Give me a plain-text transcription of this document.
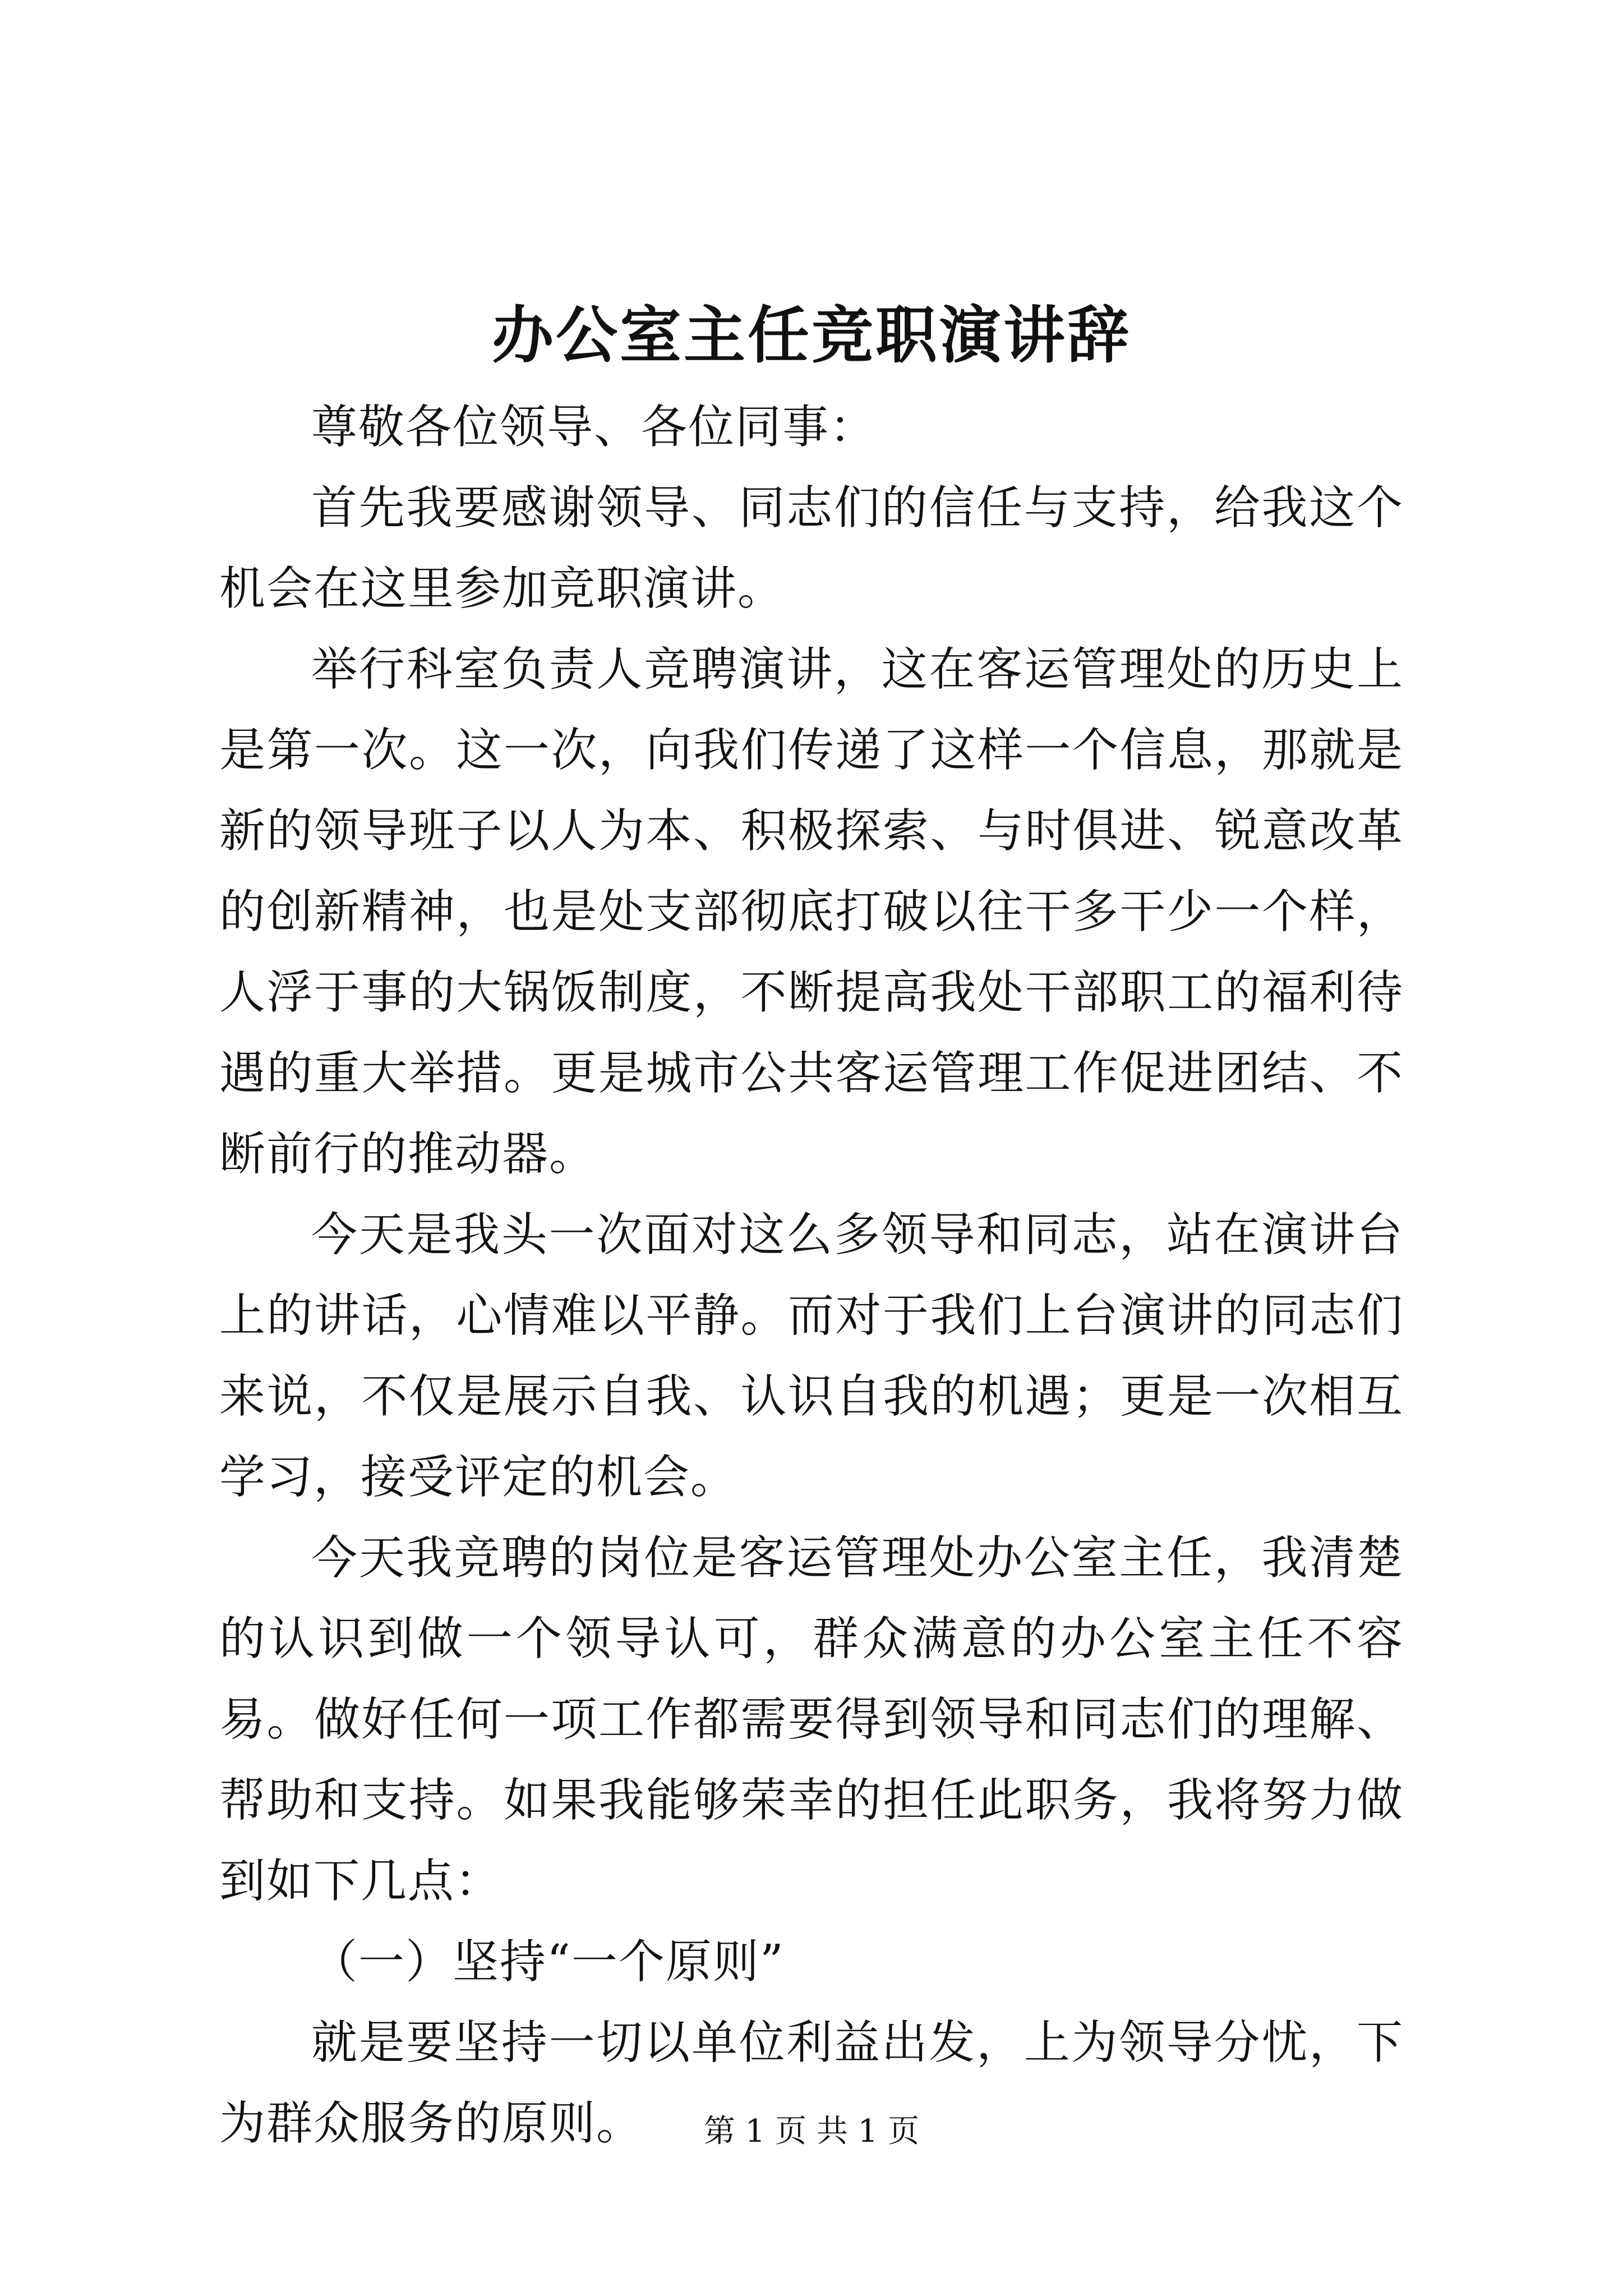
办公室主任竞职演讲辞

尊敬各位领导、各位同事：

首先我要感谢领导、同志们的信任与支持，给我这个机会在这里参加竞职演讲。

举行科室负责人竞聘演讲，这在客运管理处的历史上是第一次。这一次，向我们传递了这样一个信息，那就是新的领导班子以人为本、积极探索、与时俱进、锐意改革的创新精神，也是处支部彻底打破以往干多干少一个样，人浮于事的大锅饭制度，不断提高我处干部职工的福利待遇的重大举措。更是城市公共客运管理工作促进团结、不断前行的推动器。

今天是我头一次面对这么多领导和同志，站在演讲台上的讲话，心情难以平静。而对于我们上台演讲的同志们来说，不仅是展示自我、认识自我的机遇；更是一次相互学习，接受评定的机会。

今天我竞聘的岗位是客运管理处办公室主任，我清楚的认识到做一个领导认可，群众满意的办公室主任不容易。做好任何一项工作都需要得到领导和同志们的理解、帮助和支持。如果我能够荣幸的担任此职务，我将努力做到如下几点：

（一）坚持“一个原则”

就是要坚持一切以单位利益出发，上为领导分忧，下为群众服务的原则。	第 1 页 共 1 页
